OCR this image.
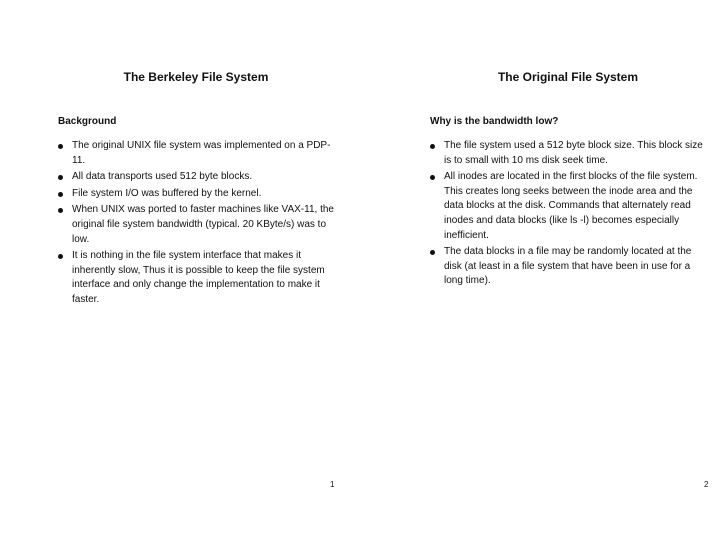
The Berkeley File System
Background
The original UNIX file system was implemented on a PDP-11.
All data transports used 512 byte blocks.
File system I/O was buffered by the kernel.
When UNIX was ported to faster machines like VAX-11, the original file system bandwidth (typical. 20 KByte/s) was to low.
It is nothing in the file system interface that makes it inherently slow, Thus it is possible to keep the file system interface and only change the implementation to make it faster.
1
The Original File System
Why is the bandwidth low?
The file system used a 512 byte block size. This block size is to small with 10 ms disk seek time.
All inodes are located in the first blocks of the file system. This creates long seeks between the inode area and the data blocks at the disk. Commands that alternately read inodes and data blocks (like ls -l) becomes especially inefficient.
The data blocks in a file may be randomly located at the disk (at least in a file system that have been in use for a long time).
2
